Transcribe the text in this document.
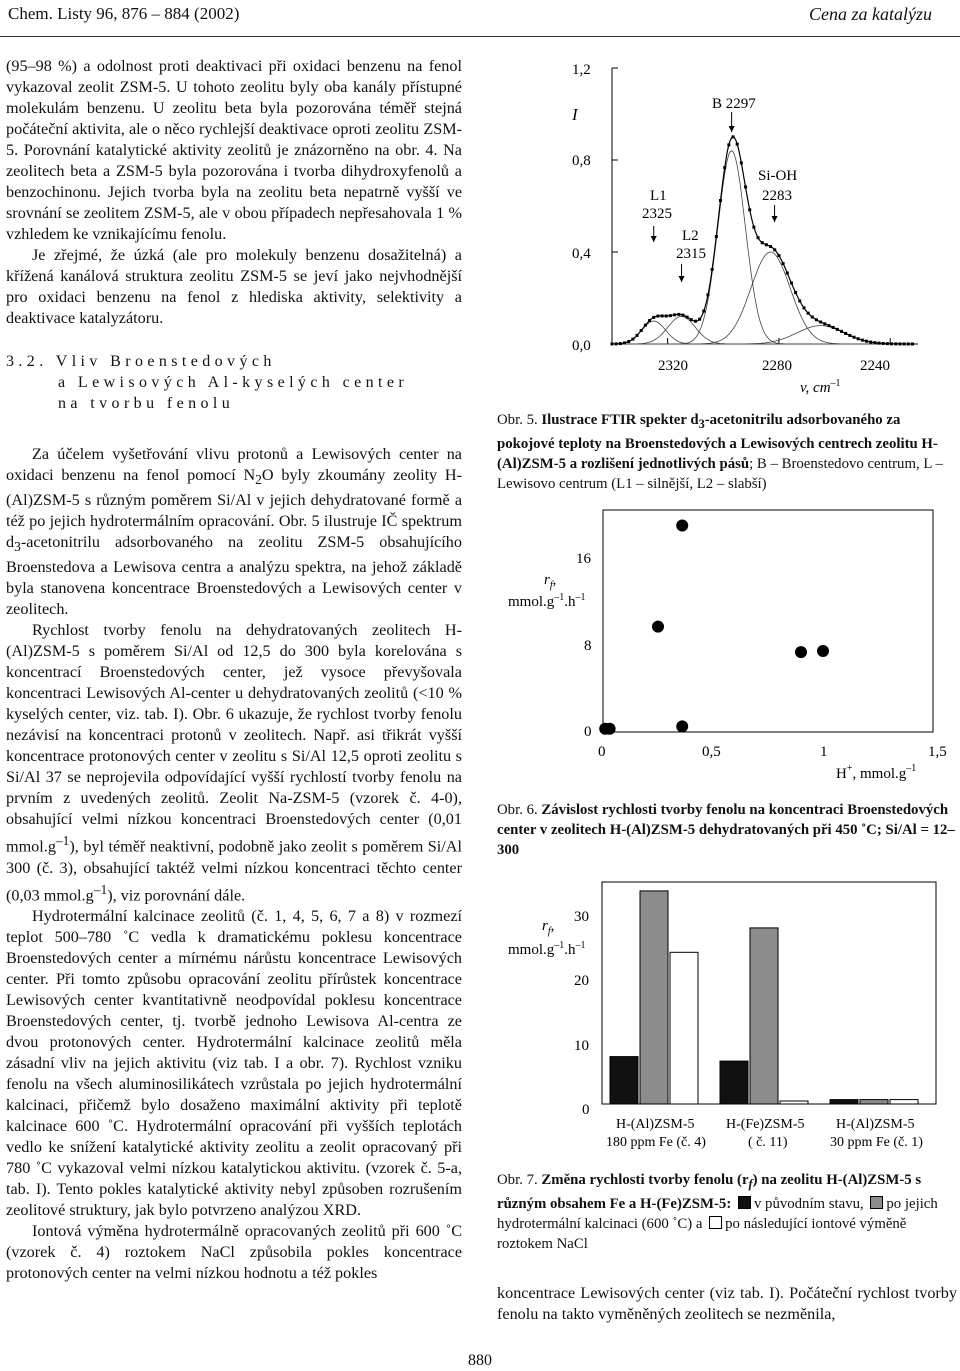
Chem. Listy 96, 876 – 884 (2002)	Cena za katalýzu

(95–98 %) a odolnost proti deaktivaci při oxidaci benzenu na fenol vykazoval zeolit ZSM-5. U tohoto zeolitu byly oba kanály přístupné molekulám benzenu. U zeolitu beta byla pozorována téměř stejná počáteční aktivita, ale o něco rychlejší deaktivace oproti zeolitu ZSM-5. Porovnání katalytické aktivity zeolitů je znázorněno na obr. 4. Na zeolitech beta a ZSM-5 byla pozorována i tvorba dihydroxyfenolů a benzochinonu. Jejich tvorba byla na zeolitu beta nepatrně vyšší ve srovnání se zeolitem ZSM-5, ale v obou případech nepřesahovala 1 % vzhledem ke vznikajícímu fenolu.

Je zřejmé, že úzká (ale pro molekuly benzenu dosažitelná) a křížená kanálová struktura zeolitu ZSM-5 se jeví jako nejvhodnější pro oxidaci benzenu na fenol z hlediska aktivity, selektivity a deaktivace katalyzátoru.

3.2. Vliv Broenstedových
a Lewisových Al-kyselých center
na tvorbu fenolu

Za účelem vyšetřování vlivu protonů a Lewisových center na oxidaci benzenu na fenol pomocí $N_2O$ byly zkoumány zeolity H-(Al)ZSM-5 s různým poměrem Si/Al v jejich dehydratované formě a též po jejich hydrotermálním opracování. Obr. 5 ilustruje IČ spektrum $d_3$-acetonitrilu adsorbovaného na zeolitu ZSM-5 obsahujícího Broenstedova a Lewisova centra a analýzu spektra, na jehož základě byla stanovena koncentrace Broenstedových a Lewisových center v zeolitech.

Rychlost tvorby fenolu na dehydratovaných zeolitech H-(Al)ZSM-5 s poměrem Si/Al od 12,5 do 300 byla korelována s koncentrací Broenstedových center, jež vysoce převyšovala koncentraci Lewisových Al-center u dehydratovaných zeolitů (<10 % kyselých center, viz. tab. I). Obr. 6 ukazuje, že rychlost tvorby fenolu nezávisí na koncentraci protonů v zeolitech. Např. asi třikrát vyšší koncentrace protonových center v zeolitu s Si/Al 12,5 oproti zeolitu s Si/Al 37 se neprojevila odpovídající vyšší rychlostí tvorby fenolu na prvním z uvedených zeolitů. Zeolit Na-ZSM-5 (vzorek č. 4-0), obsahující velmi nízkou koncentraci Broenstedových center (0,01 $mmol.g^{-1}$), byl téměř neaktivní, podobně jako zeolit s poměrem Si/Al 300 (č. 3), obsahující taktéž velmi nízkou koncentraci těchto center (0,03 $mmol.g^{-1}$), viz porovnání dále.

Hydrotermální kalcinace zeolitů (č. 1, 4, 5, 6, 7 a 8) v rozmezí teplot 500–780 ˚C vedla k dramatickému poklesu koncentrace Broenstedových center a mírnému nárůstu koncentrace Lewisových center. Při tomto způsobu opracování zeolitu přírůstek koncentrace Lewisových center kvantitativně neodpovídal poklesu koncentrace Broenstedových center, tj. tvorbě jednoho Lewisova Al-centra ze dvou protonových center. Hydrotermální kalcinace zeolitů měla zásadní vliv na jejich aktivitu (viz tab. I a obr. 7). Rychlost vzniku fenolu na všech aluminosilikátech vzrůstala po jejich hydrotermální kalcinaci, přičemž bylo dosaženo maximální aktivity při teplotě kalcinace 600 ˚C. Hydrotermální opracování při vyšších teplotách vedlo ke snížení katalytické aktivity zeolitu a zeolit opracovaný při 780 ˚C vykazoval velmi nízkou katalytickou aktivitu. (vzorek č. 5-a, tab. I). Tento pokles katalytické aktivity nebyl způsoben rozrušením zeolitové struktury, jak bylo potvrzeno analýzou XRD.

Iontová výměna hydrotermálně opracovaných zeolitů při 600 ˚C (vzorek č. 4) roztokem NaCl způsobila pokles koncentrace protonových center na velmi nízkou hodnotu a též pokles

I
1,2
0,8
0,4
0,0
2320	2280	2240
v, $cm^{-1}$
B 2297
Si-OH
2283
L1
2325
L2
2315
Obr. 5. Ilustrace FTIR spekter $d_3$-acetonitrilu adsorbovaného za pokojové teploty na Broenstedových a Lewisových centrech zeolitu H-(Al)ZSM-5 a rozlišení jednotlivých pásů; B – Broenstedovo centrum, L – Lewisovo centrum (L1 – silnější, L2 – slabší)
$r_f$,
$mmol.g^{-1}.h^{-1}$
16
8
0
0	0,5	1	1,5
H+, $mmol.g^{-1}$
Obr. 6. Závislost rychlosti tvorby fenolu na koncentraci Broenstedových center v zeolitech H-(Al)ZSM-5 dehydratovaných při 450 ˚C; Si/Al = 12–300
$r_f$,
$mmol.g^{-1}.h^{-1}$
30
20
10
0
H-(Al)ZSM-5
180 ppm Fe (č. 4)
H-(Fe)ZSM-5
( č. 11)
H-(Al)ZSM-5
30 ppm Fe (č. 1)
Obr. 7. Změna rychlosti tvorby fenolu $(r_f)$ na zeolitu H-(Al)ZSM-5 s různým obsahem Fe a H-(Fe)ZSM-5: v původním stavu, po jejich hydrotermální kalcinaci (600 ˚C) a po následující iontové výměně roztokem NaCl
koncentrace Lewisových center (viz tab. I). Počáteční rychlost tvorby fenolu na takto vyměněných zeolitech se nezměnila,
880
